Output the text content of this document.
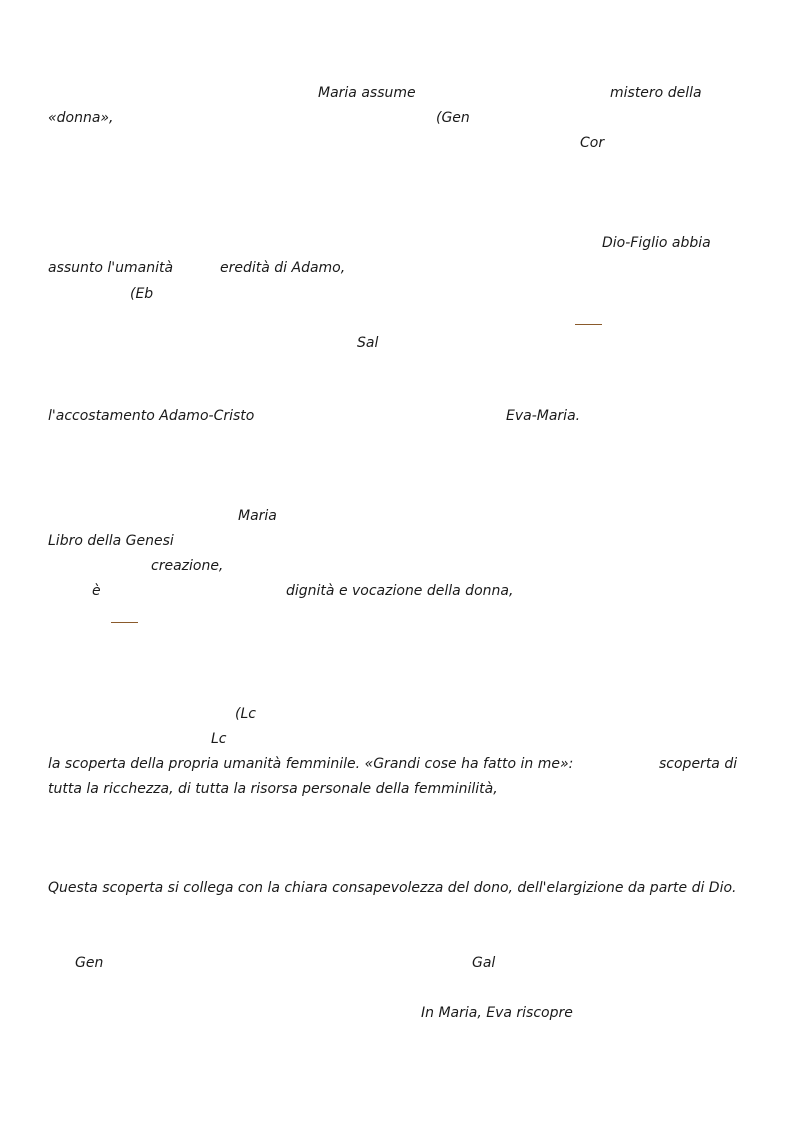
Maria assume	mistero della
«donna»,	(Gen
Cor
Dio-Figlio abbia
assunto l'umanità	eredità di Adamo,
(Eb
Sal
l'accostamento Adamo-Cristo	Eva-Maria.
Maria
Libro della Genesi
creazione,
è	dignità e vocazione della donna,
(Lc
Lc
la scoperta della propria umanità femminile. «Grandi cose ha fatto in me»:	scoperta di
tutta la ricchezza, di tutta la risorsa personale della femminilità,
Questa scoperta si collega con la chiara consapevolezza del dono, dell'elargizione da parte di Dio.
Gen	Gal
In Maria, Eva riscopre
